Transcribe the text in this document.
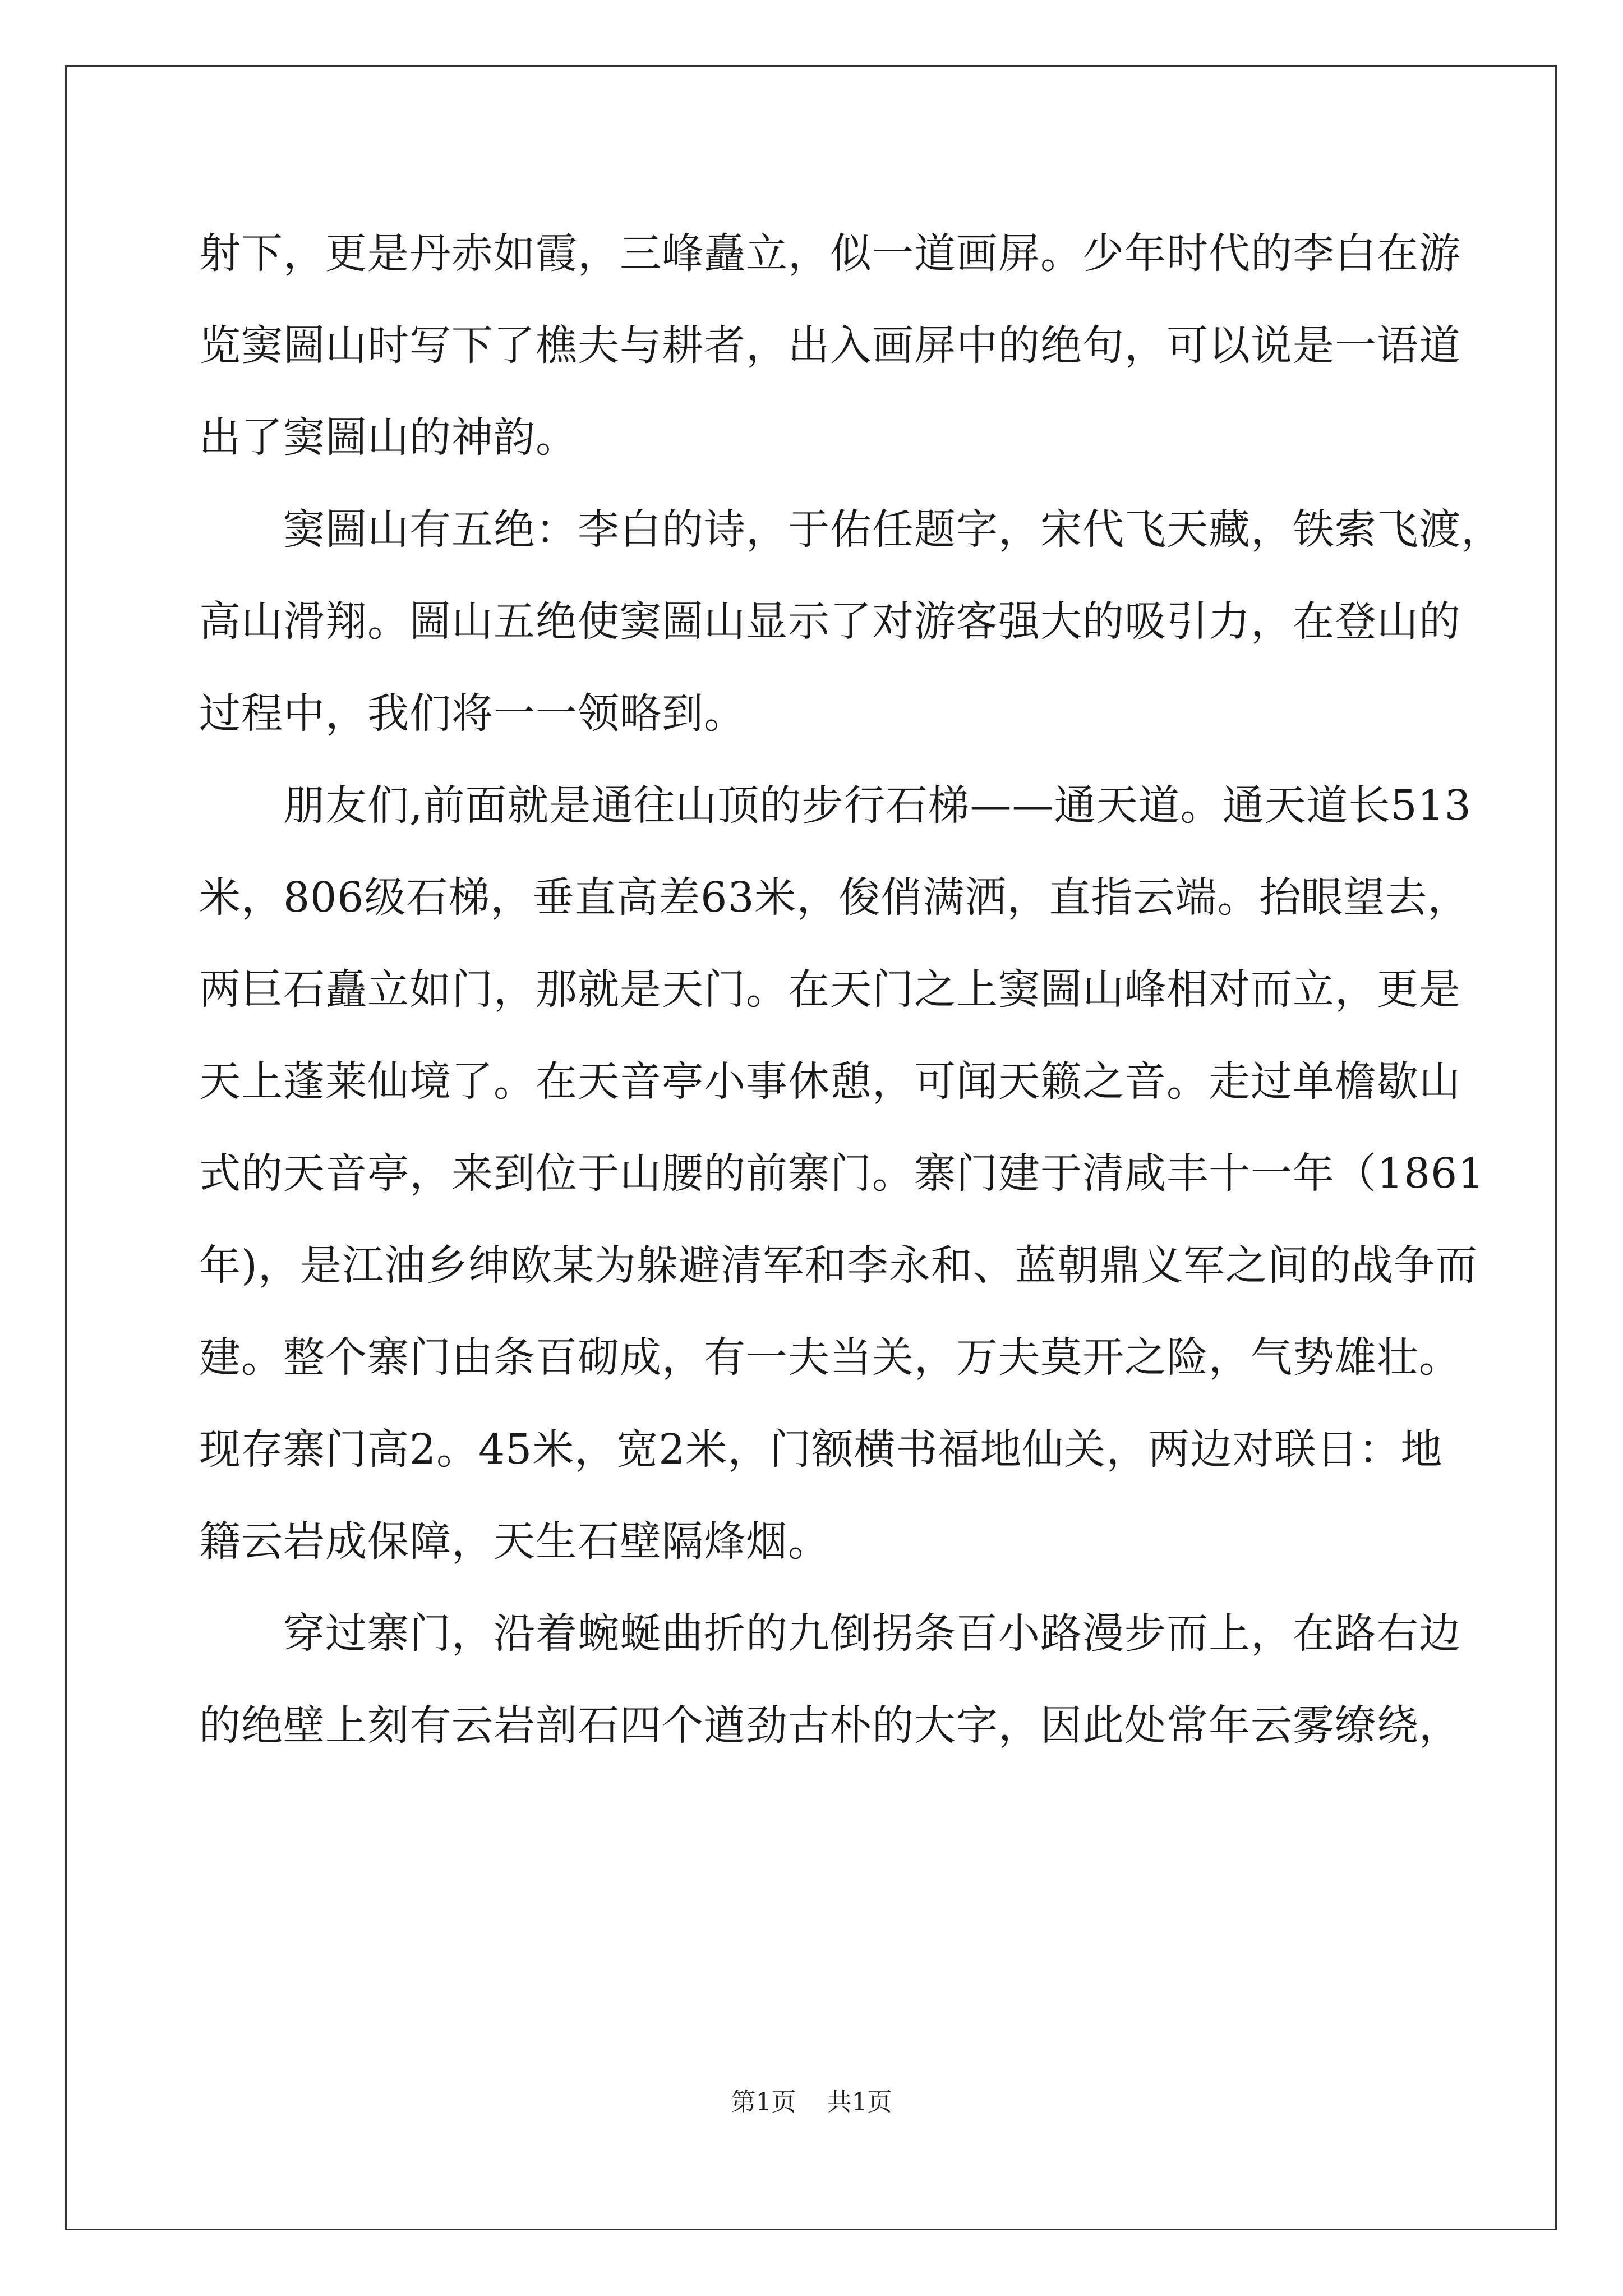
射下，更是丹赤如霞，三峰矗立，似一道画屏。少年时代的李白在游
览窦圌山时写下了樵夫与耕者，出入画屏中的绝句，可以说是一语道
出了窦圌山的神韵。
窦圌山有五绝：李白的诗，于佑任题字，宋代飞天藏，铁索飞渡，
高山滑翔。圌山五绝使窦圌山显示了对游客强大的吸引力，在登山的
过程中，我们将一一领略到。
朋友们,前面就是通往山顶的步行石梯——通天道。通天道长513
米，806级石梯，垂直高差63米，俊俏满洒，直指云端。抬眼望去，
两巨石矗立如门，那就是天门。在天门之上窦圌山峰相对而立，更是
天上蓬莱仙境了。在天音亭小事休憩，可闻天籁之音。走过单檐歇山
式的天音亭，来到位于山腰的前寨门。寨门建于清咸丰十一年（1861
年)，是江油乡绅欧某为躲避清军和李永和、蓝朝鼎义军之间的战争而
建。整个寨门由条百砌成，有一夫当关，万夫莫开之险，气势雄壮。
现存寨门高2。45米，宽2米，门额横书福地仙关，两边对联日：地
籍云岩成保障，天生石壁隔烽烟。
穿过寨门，沿着蜿蜒曲折的九倒拐条百小路漫步而上，在路右边
的绝壁上刻有云岩剖石四个遒劲古朴的大字，因此处常年云雾缭绕，
第1页 共1页
